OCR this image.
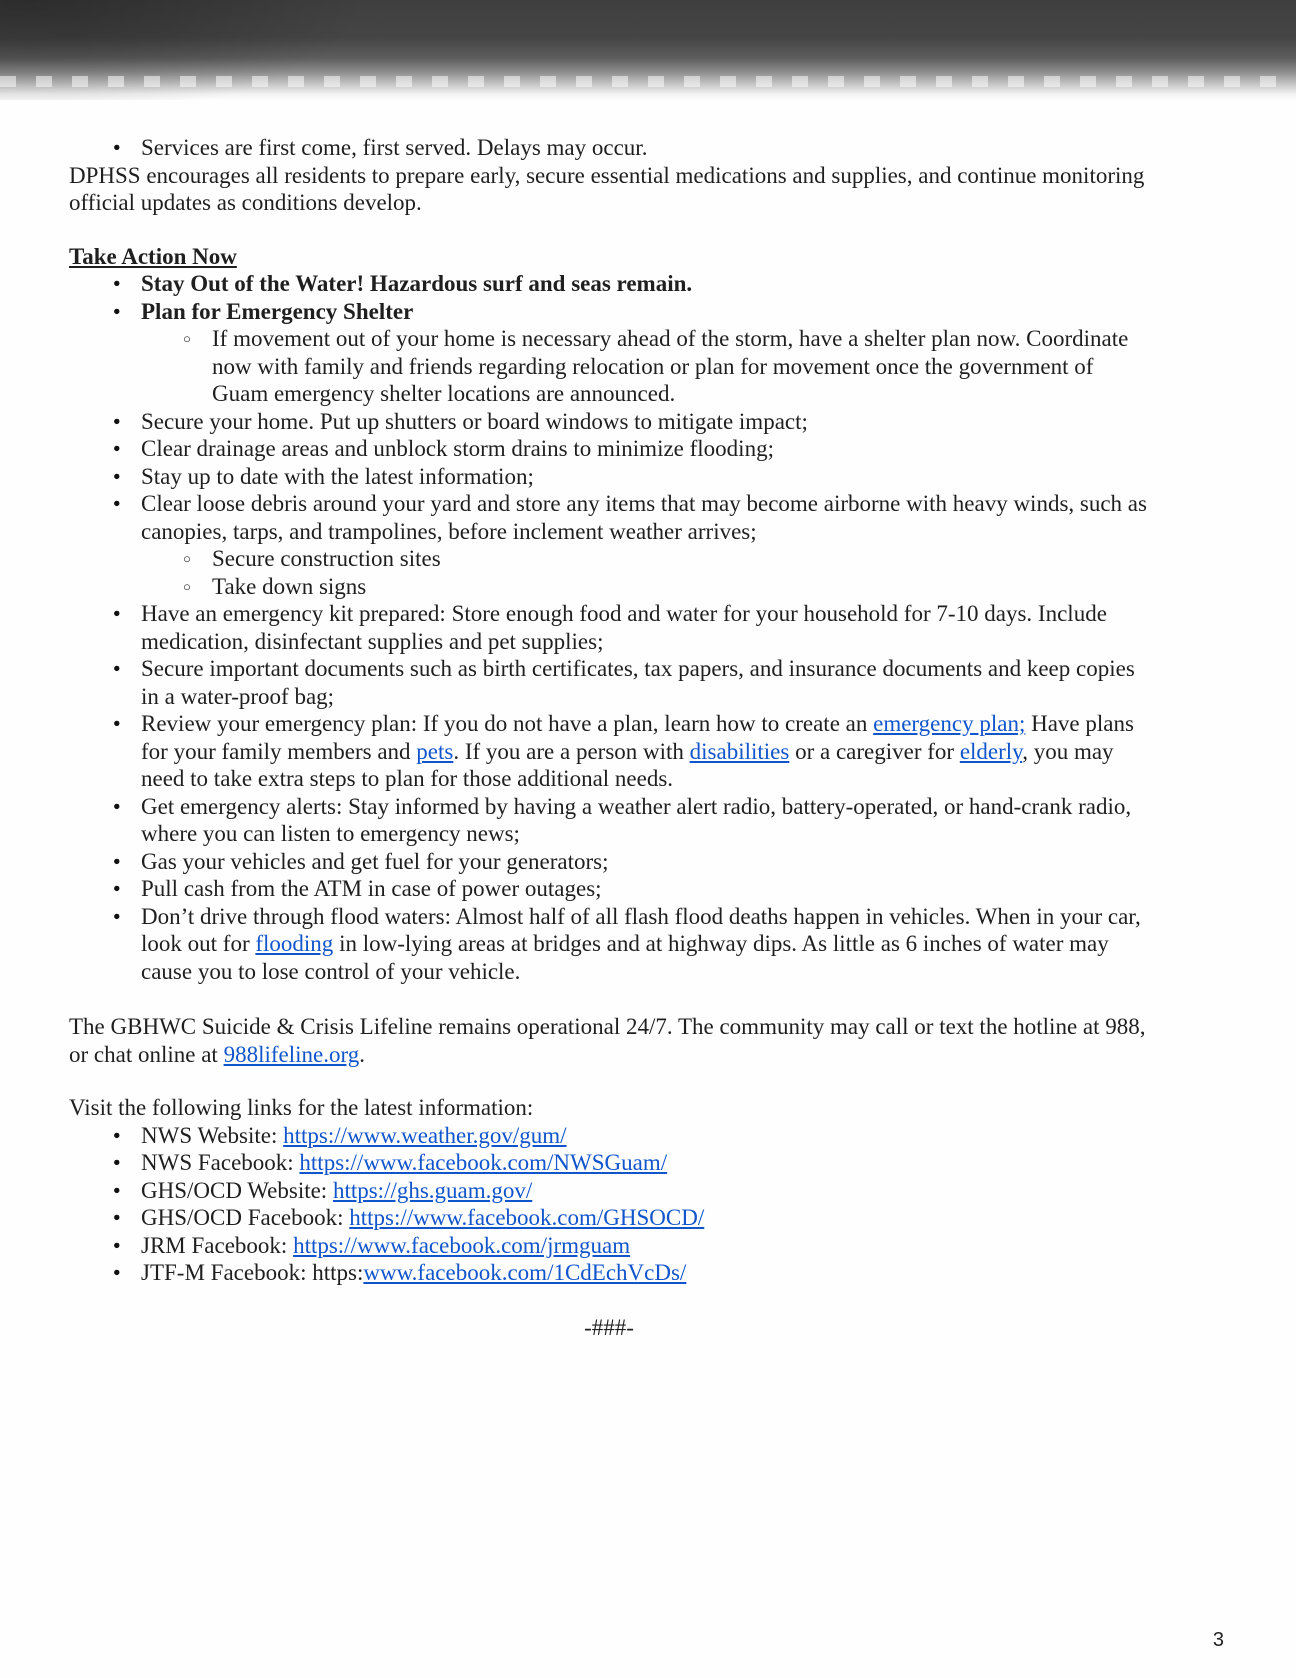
● Services are first come, first served. Delays may occur.

DPHSS encourages all residents to prepare early, secure essential medications and supplies, and continue monitoring official updates as conditions develop.

Take Action Now
● Stay Out of the Water! Hazardous surf and seas remain.
● Plan for Emergency Shelter
○ If movement out of your home is necessary ahead of the storm, have a shelter plan now. Coordinate now with family and friends regarding relocation or plan for movement once the government of Guam emergency shelter locations are announced.
● Secure your home. Put up shutters or board windows to mitigate impact;
● Clear drainage areas and unblock storm drains to minimize flooding;
● Stay up to date with the latest information;
● Clear loose debris around your yard and store any items that may become airborne with heavy winds, such as canopies, tarps, and trampolines, before inclement weather arrives;
○ Secure construction sites
○ Take down signs
● Have an emergency kit prepared: Store enough food and water for your household for 7-10 days. Include medication, disinfectant supplies and pet supplies;
● Secure important documents such as birth certificates, tax papers, and insurance documents and keep copies in a water-proof bag;
● Review your emergency plan: If you do not have a plan, learn how to create an emergency plan; Have plans for your family members and pets. If you are a person with disabilities or a caregiver for elderly, you may need to take extra steps to plan for those additional needs.
● Get emergency alerts: Stay informed by having a weather alert radio, battery-operated, or hand-crank radio, where you can listen to emergency news;
● Gas your vehicles and get fuel for your generators;
● Pull cash from the ATM in case of power outages;
● Don’t drive through flood waters: Almost half of all flash flood deaths happen in vehicles. When in your car, look out for flooding in low-lying areas at bridges and at highway dips. As little as 6 inches of water may cause you to lose control of your vehicle.

The GBHWC Suicide & Crisis Lifeline remains operational 24/7. The community may call or text the hotline at 988, or chat online at 988lifeline.org.

Visit the following links for the latest information:

● NWS Website: https://www.weather.gov/gum/
● NWS Facebook: https://www.facebook.com/NWSGuam/
● GHS/OCD Website: https://ghs.guam.gov/
● GHS/OCD Facebook: https://www.facebook.com/GHSOCD/
● JRM Facebook: https://www.facebook.com/jrmguam
● JTF-M Facebook: https:www.facebook.com/1CdEchVcDs/

-###-

3
